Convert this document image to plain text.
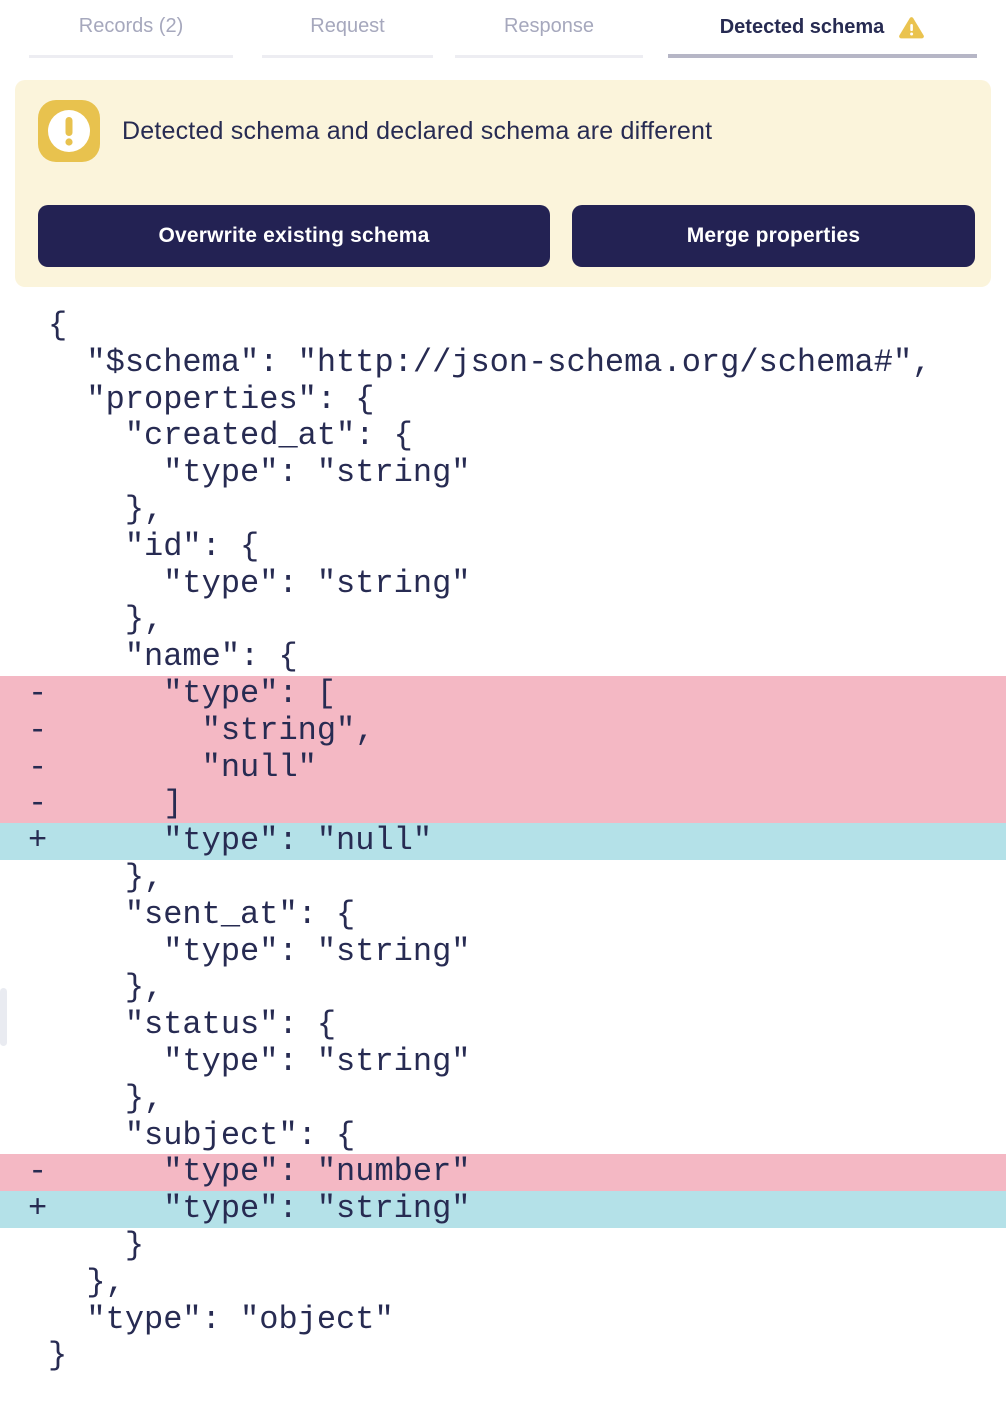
Records (2)	Request	Response	Detected schema
Detected schema and declared schema are different
Overwrite existing schema	Merge properties
{
"$schema": "http://json-schema.org/schema#",
"properties": {
"created_at": {
"type": "string"
},
"id": {
"type": "string"
},
"name": {
- "type": [
- "string",
- "null"
- ]
+ "type": "null"
},
"sent_at": {
"type": "string"
},
"status": {
"type": "string"
},
"subject": {
- "type": "number"
+ "type": "string"
}
},
"type": "object"
}
